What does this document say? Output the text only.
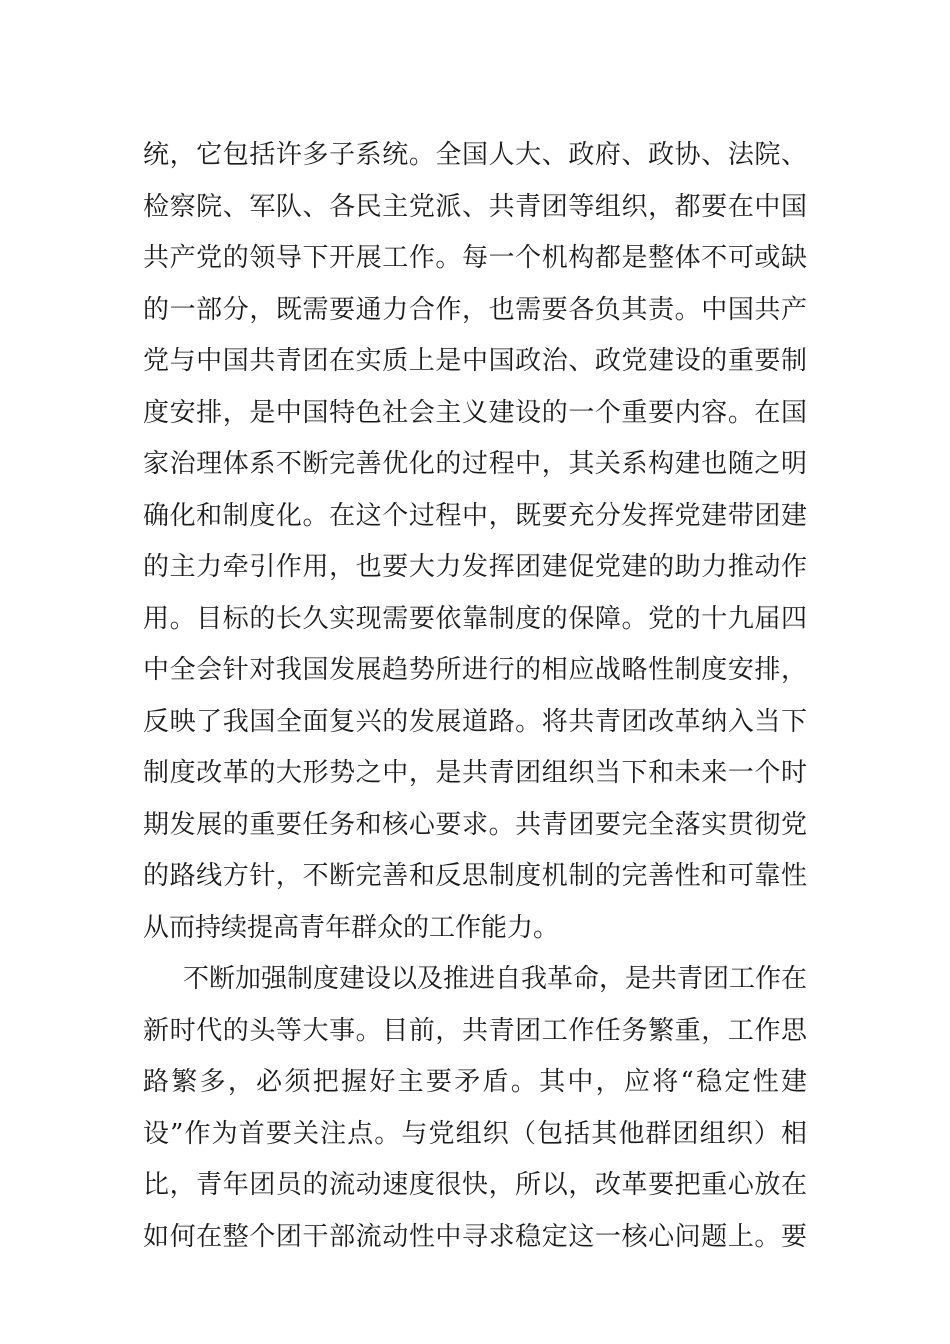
统，它包括许多子系统。全国人大、政府、政协、法院、
检察院、军队、各民主党派、共青团等组织，都要在中国
共产党的领导下开展工作。每一个机构都是整体不可或缺
的一部分，既需要通力合作，也需要各负其责。中国共产
党与中国共青团在实质上是中国政治、政党建设的重要制
度安排，是中国特色社会主义建设的一个重要内容。在国
家治理体系不断完善优化的过程中，其关系构建也随之明
确化和制度化。在这个过程中，既要充分发挥党建带团建
的主力牵引作用，也要大力发挥团建促党建的助力推动作
用。目标的长久实现需要依靠制度的保障。党的十九届四
中全会针对我国发展趋势所进行的相应战略性制度安排，
反映了我国全面复兴的发展道路。将共青团改革纳入当下
制度改革的大形势之中，是共青团组织当下和未来一个时
期发展的重要任务和核心要求。共青团要完全落实贯彻党
的路线方针，不断完善和反思制度机制的完善性和可靠性
从而持续提高青年群众的工作能力。
不断加强制度建设以及推进自我革命，是共青团工作在
新时代的头等大事。目前，共青团工作任务繁重，工作思
路繁多，必须把握好主要矛盾。其中，应将“稳定性建
设”作为首要关注点。与党组织（包括其他群团组织）相
比，青年团员的流动速度很快，所以，改革要把重心放在
如何在整个团干部流动性中寻求稳定这一核心问题上。要
